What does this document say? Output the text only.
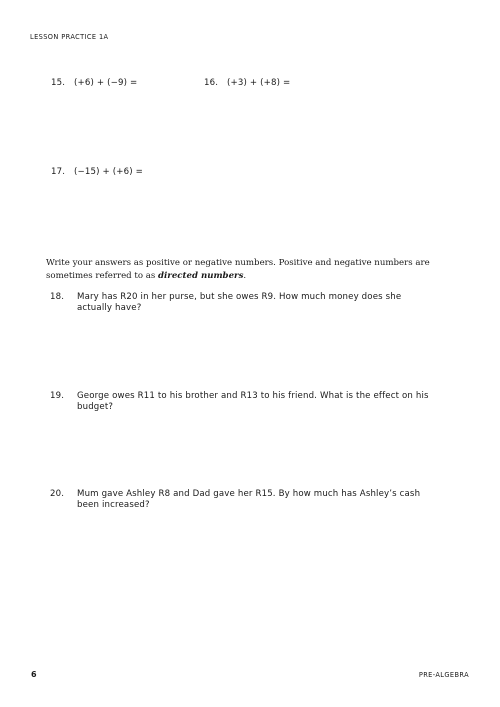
LESSON PRACTICE 1A
15. (+6) + (−9) =	16. (+3) + (+8) =
17. (−15) + (+6) =
Write your answers as positive or negative numbers. Positive and negative numbers are sometimes referred to as directed numbers.
18. Mary has R20 in her purse, but she owes R9. How much money does she actually have?
19. George owes R11 to his brother and R13 to his friend. What is the effect on his budget?
20. Mum gave Ashley R8 and Dad gave her R15. By how much has Ashley’s cash been increased?
6	PRE-ALGEBRA
